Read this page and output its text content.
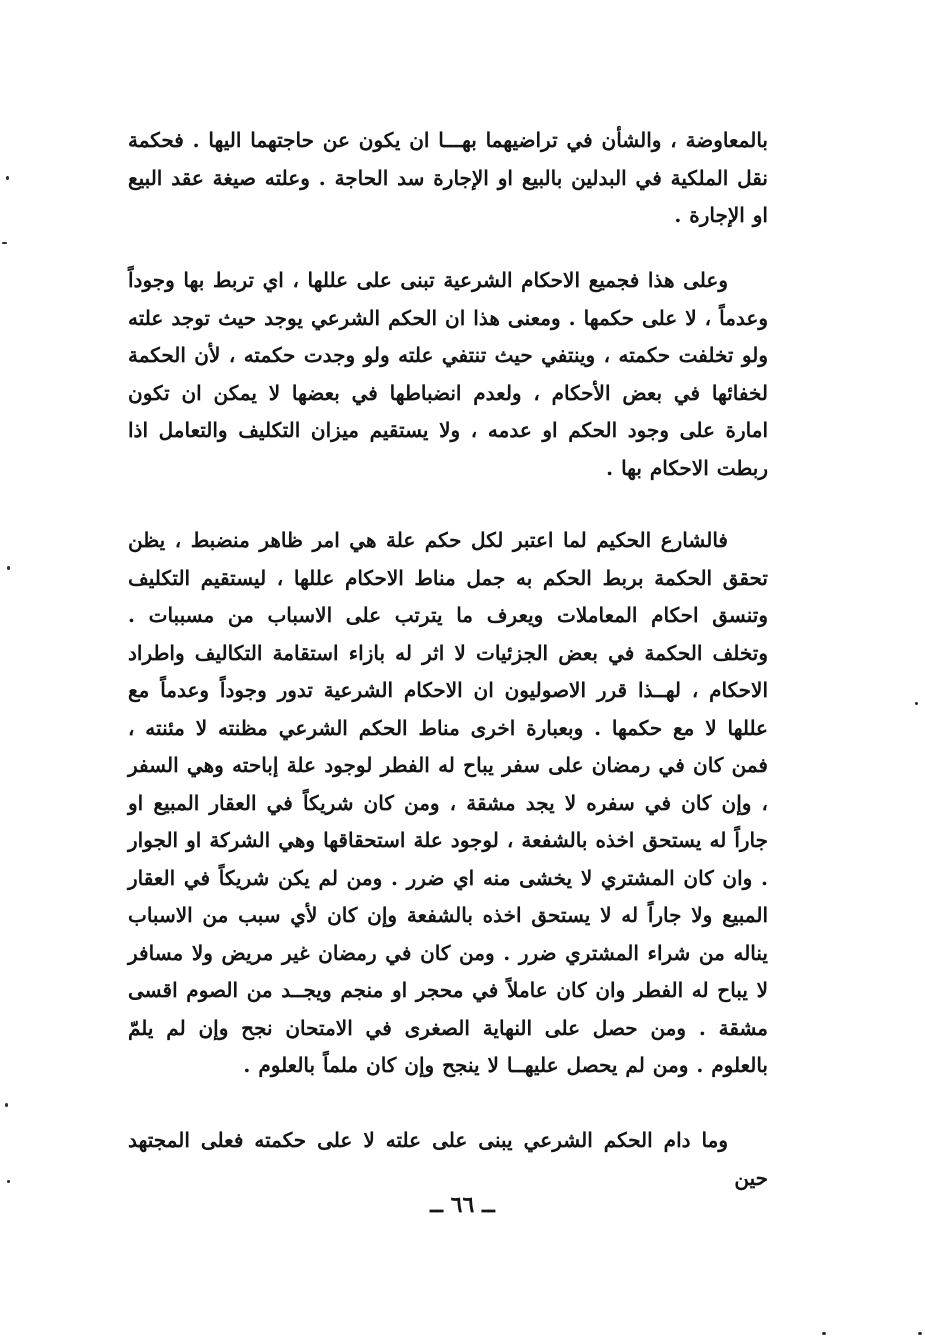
بالمعاوضة ، والشأن في تراضيهما بهـــا ان يكون عن حاجتهما اليها . فحكمة نقل الملكية في البدلين بالبيع او الإجارة سد الحاجة . وعلته صيغة عقد البيع او الإجارة .

وعلى هذا فجميع الاحكام الشرعية تبنى على عللها ، اي تربط بها وجوداً وعدماً ، لا على حكمها . ومعنى هذا ان الحكم الشرعي يوجد حيث توجد علته ولو تخلفت حكمته ، وينتفي حيث تنتفي علته ولو وجدت حكمته ، لأن الحكمة لخفائها في بعض الأحكام ، ولعدم انضباطها في بعضها لا يمكن ان تكون امارة على وجود الحكم او عدمه ، ولا يستقيم ميزان التكليف والتعامل اذا ربطت الاحكام بها .

فالشارع الحكيم لما اعتبر لكل حكم علة هي امر ظاهر منضبط ، يظن تحقق الحكمة بربط الحكم به جمل مناط الاحكام عللها ، ليستقيم التكليف وتنسق احكام المعاملات ويعرف ما يترتب على الاسباب من مسببات . وتخلف الحكمة في بعض الجزئيات لا اثر له بازاء استقامة التكاليف واطراد الاحكام ، لهــذا قرر الاصوليون ان الاحكام الشرعية تدور وجوداً وعدماً مع عللها لا مع حكمها . وبعبارة اخرى مناط الحكم الشرعي مظنته لا مئنته ، فمن كان في رمضان على سفر يباح له الفطر لوجود علة إباحته وهي السفر ، وإن كان في سفره لا يجد مشقة ، ومن كان شريكاً في العقار المبيع او جاراً له يستحق اخذه بالشفعة ، لوجود علة استحقاقها وهي الشركة او الجوار . وان كان المشتري لا يخشى منه اي ضرر . ومن لم يكن شريكاً في العقار المبيع ولا جاراً له لا يستحق اخذه بالشفعة وإن كان لأي سبب من الاسباب يناله من شراء المشتري ضرر . ومن كان في رمضان غير مريض ولا مسافر لا يباح له الفطر وان كان عاملاً في محجر او منجم ويجــد من الصوم اقسى مشقة . ومن حصل على النهاية الصغرى في الامتحان نجح وإن لم يلمّ بالعلوم . ومن لم يحصل عليهــا لا ينجح وإن كان ملماً بالعلوم .

وما دام الحكم الشرعي يبنى على علته لا على حكمته فعلى المجتهد حين

ــ ٦٦ ــ
